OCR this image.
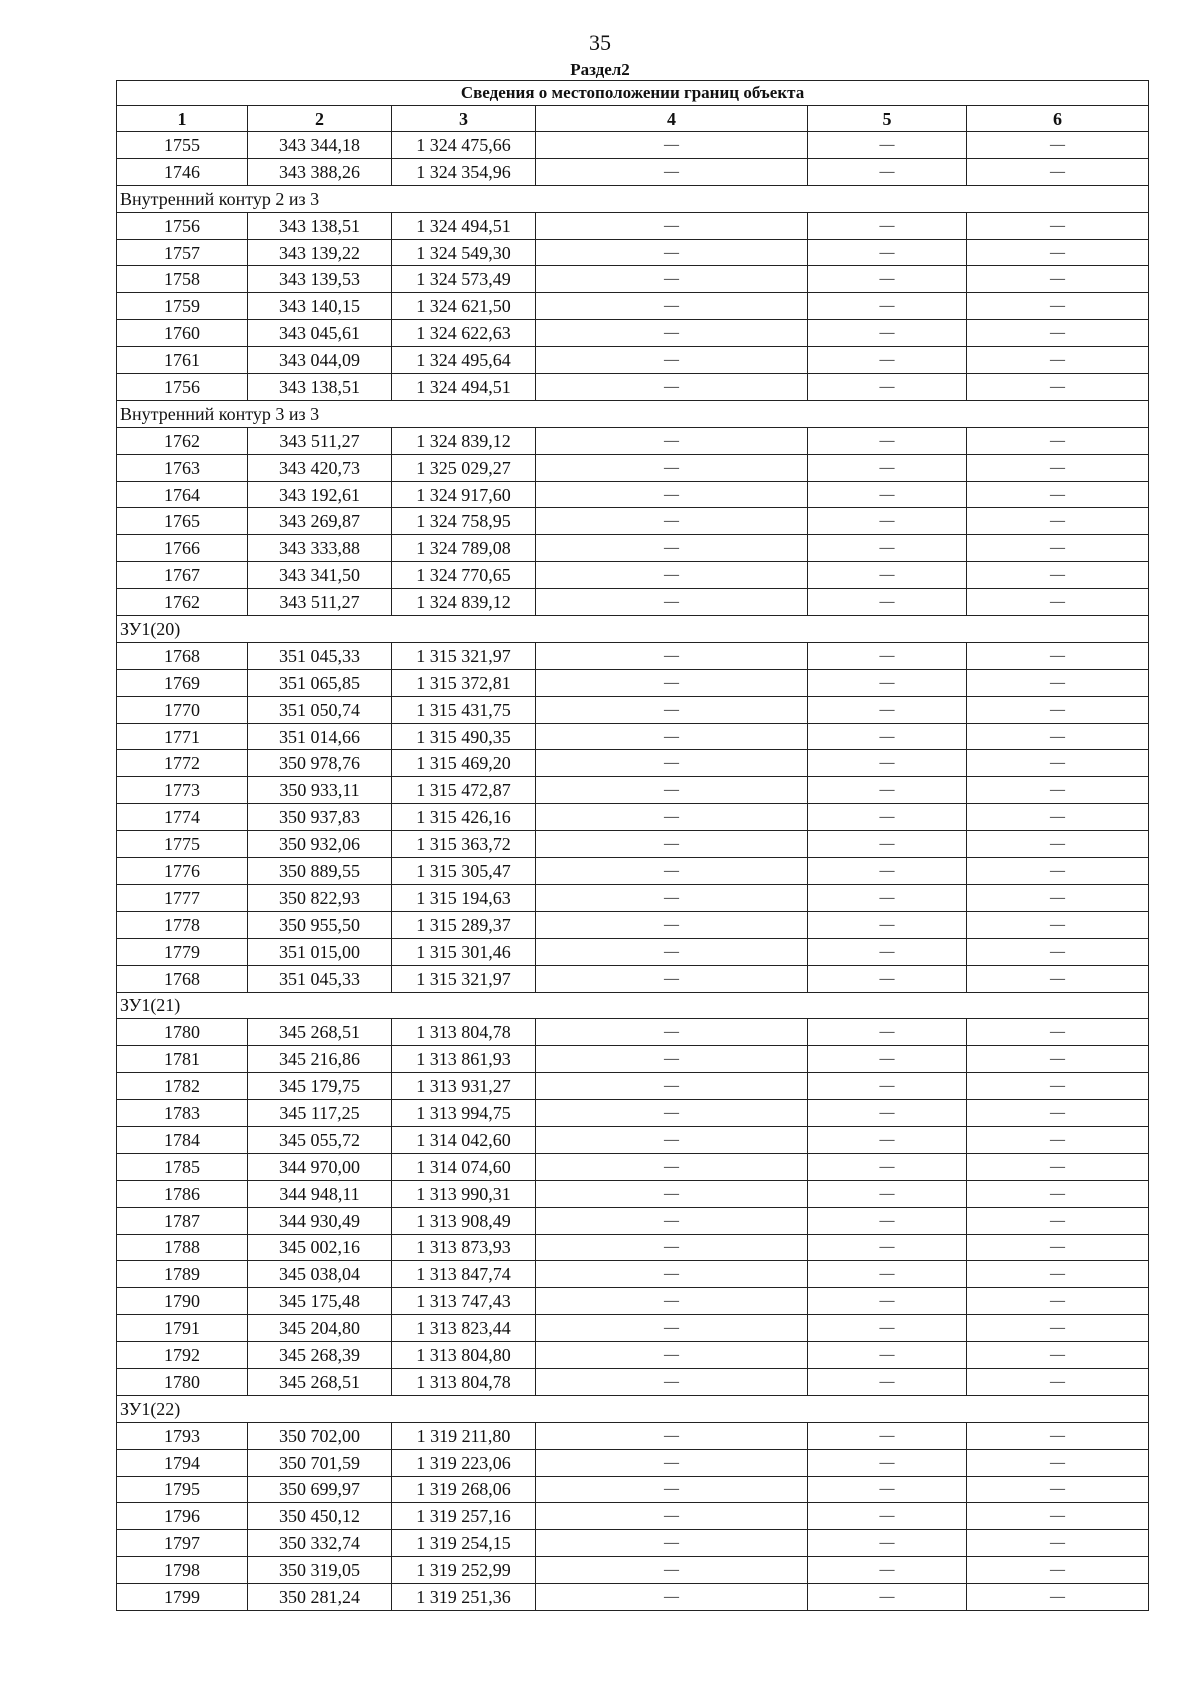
35
Раздел2
Сведения о местоположении границ объекта					
1	2	3	4	5	6
1755	343 344,18	1 324 475,66	—	—	—
1746	343 388,26	1 324 354,96	—	—	—
Внутренний контур 2 из 3					
1756	343 138,51	1 324 494,51	—	—	—
1757	343 139,22	1 324 549,30	—	—	—
1758	343 139,53	1 324 573,49	—	—	—
1759	343 140,15	1 324 621,50	—	—	—
1760	343 045,61	1 324 622,63	—	—	—
1761	343 044,09	1 324 495,64	—	—	—
1756	343 138,51	1 324 494,51	—	—	—
Внутренний контур 3 из 3					
1762	343 511,27	1 324 839,12	—	—	—
1763	343 420,73	1 325 029,27	—	—	—
1764	343 192,61	1 324 917,60	—	—	—
1765	343 269,87	1 324 758,95	—	—	—
1766	343 333,88	1 324 789,08	—	—	—
1767	343 341,50	1 324 770,65	—	—	—
1762	343 511,27	1 324 839,12	—	—	—
ЗУ1(20)					
1768	351 045,33	1 315 321,97	—	—	—
1769	351 065,85	1 315 372,81	—	—	—
1770	351 050,74	1 315 431,75	—	—	—
1771	351 014,66	1 315 490,35	—	—	—
1772	350 978,76	1 315 469,20	—	—	—
1773	350 933,11	1 315 472,87	—	—	—
1774	350 937,83	1 315 426,16	—	—	—
1775	350 932,06	1 315 363,72	—	—	—
1776	350 889,55	1 315 305,47	—	—	—
1777	350 822,93	1 315 194,63	—	—	—
1778	350 955,50	1 315 289,37	—	—	—
1779	351 015,00	1 315 301,46	—	—	—
1768	351 045,33	1 315 321,97	—	—	—
ЗУ1(21)					
1780	345 268,51	1 313 804,78	—	—	—
1781	345 216,86	1 313 861,93	—	—	—
1782	345 179,75	1 313 931,27	—	—	—
1783	345 117,25	1 313 994,75	—	—	—
1784	345 055,72	1 314 042,60	—	—	—
1785	344 970,00	1 314 074,60	—	—	—
1786	344 948,11	1 313 990,31	—	—	—
1787	344 930,49	1 313 908,49	—	—	—
1788	345 002,16	1 313 873,93	—	—	—
1789	345 038,04	1 313 847,74	—	—	—
1790	345 175,48	1 313 747,43	—	—	—
1791	345 204,80	1 313 823,44	—	—	—
1792	345 268,39	1 313 804,80	—	—	—
1780	345 268,51	1 313 804,78	—	—	—
ЗУ1(22)					
1793	350 702,00	1 319 211,80	—	—	—
1794	350 701,59	1 319 223,06	—	—	—
1795	350 699,97	1 319 268,06	—	—	—
1796	350 450,12	1 319 257,16	—	—	—
1797	350 332,74	1 319 254,15	—	—	—
1798	350 319,05	1 319 252,99	—	—	—
1799	350 281,24	1 319 251,36	—	—	—
